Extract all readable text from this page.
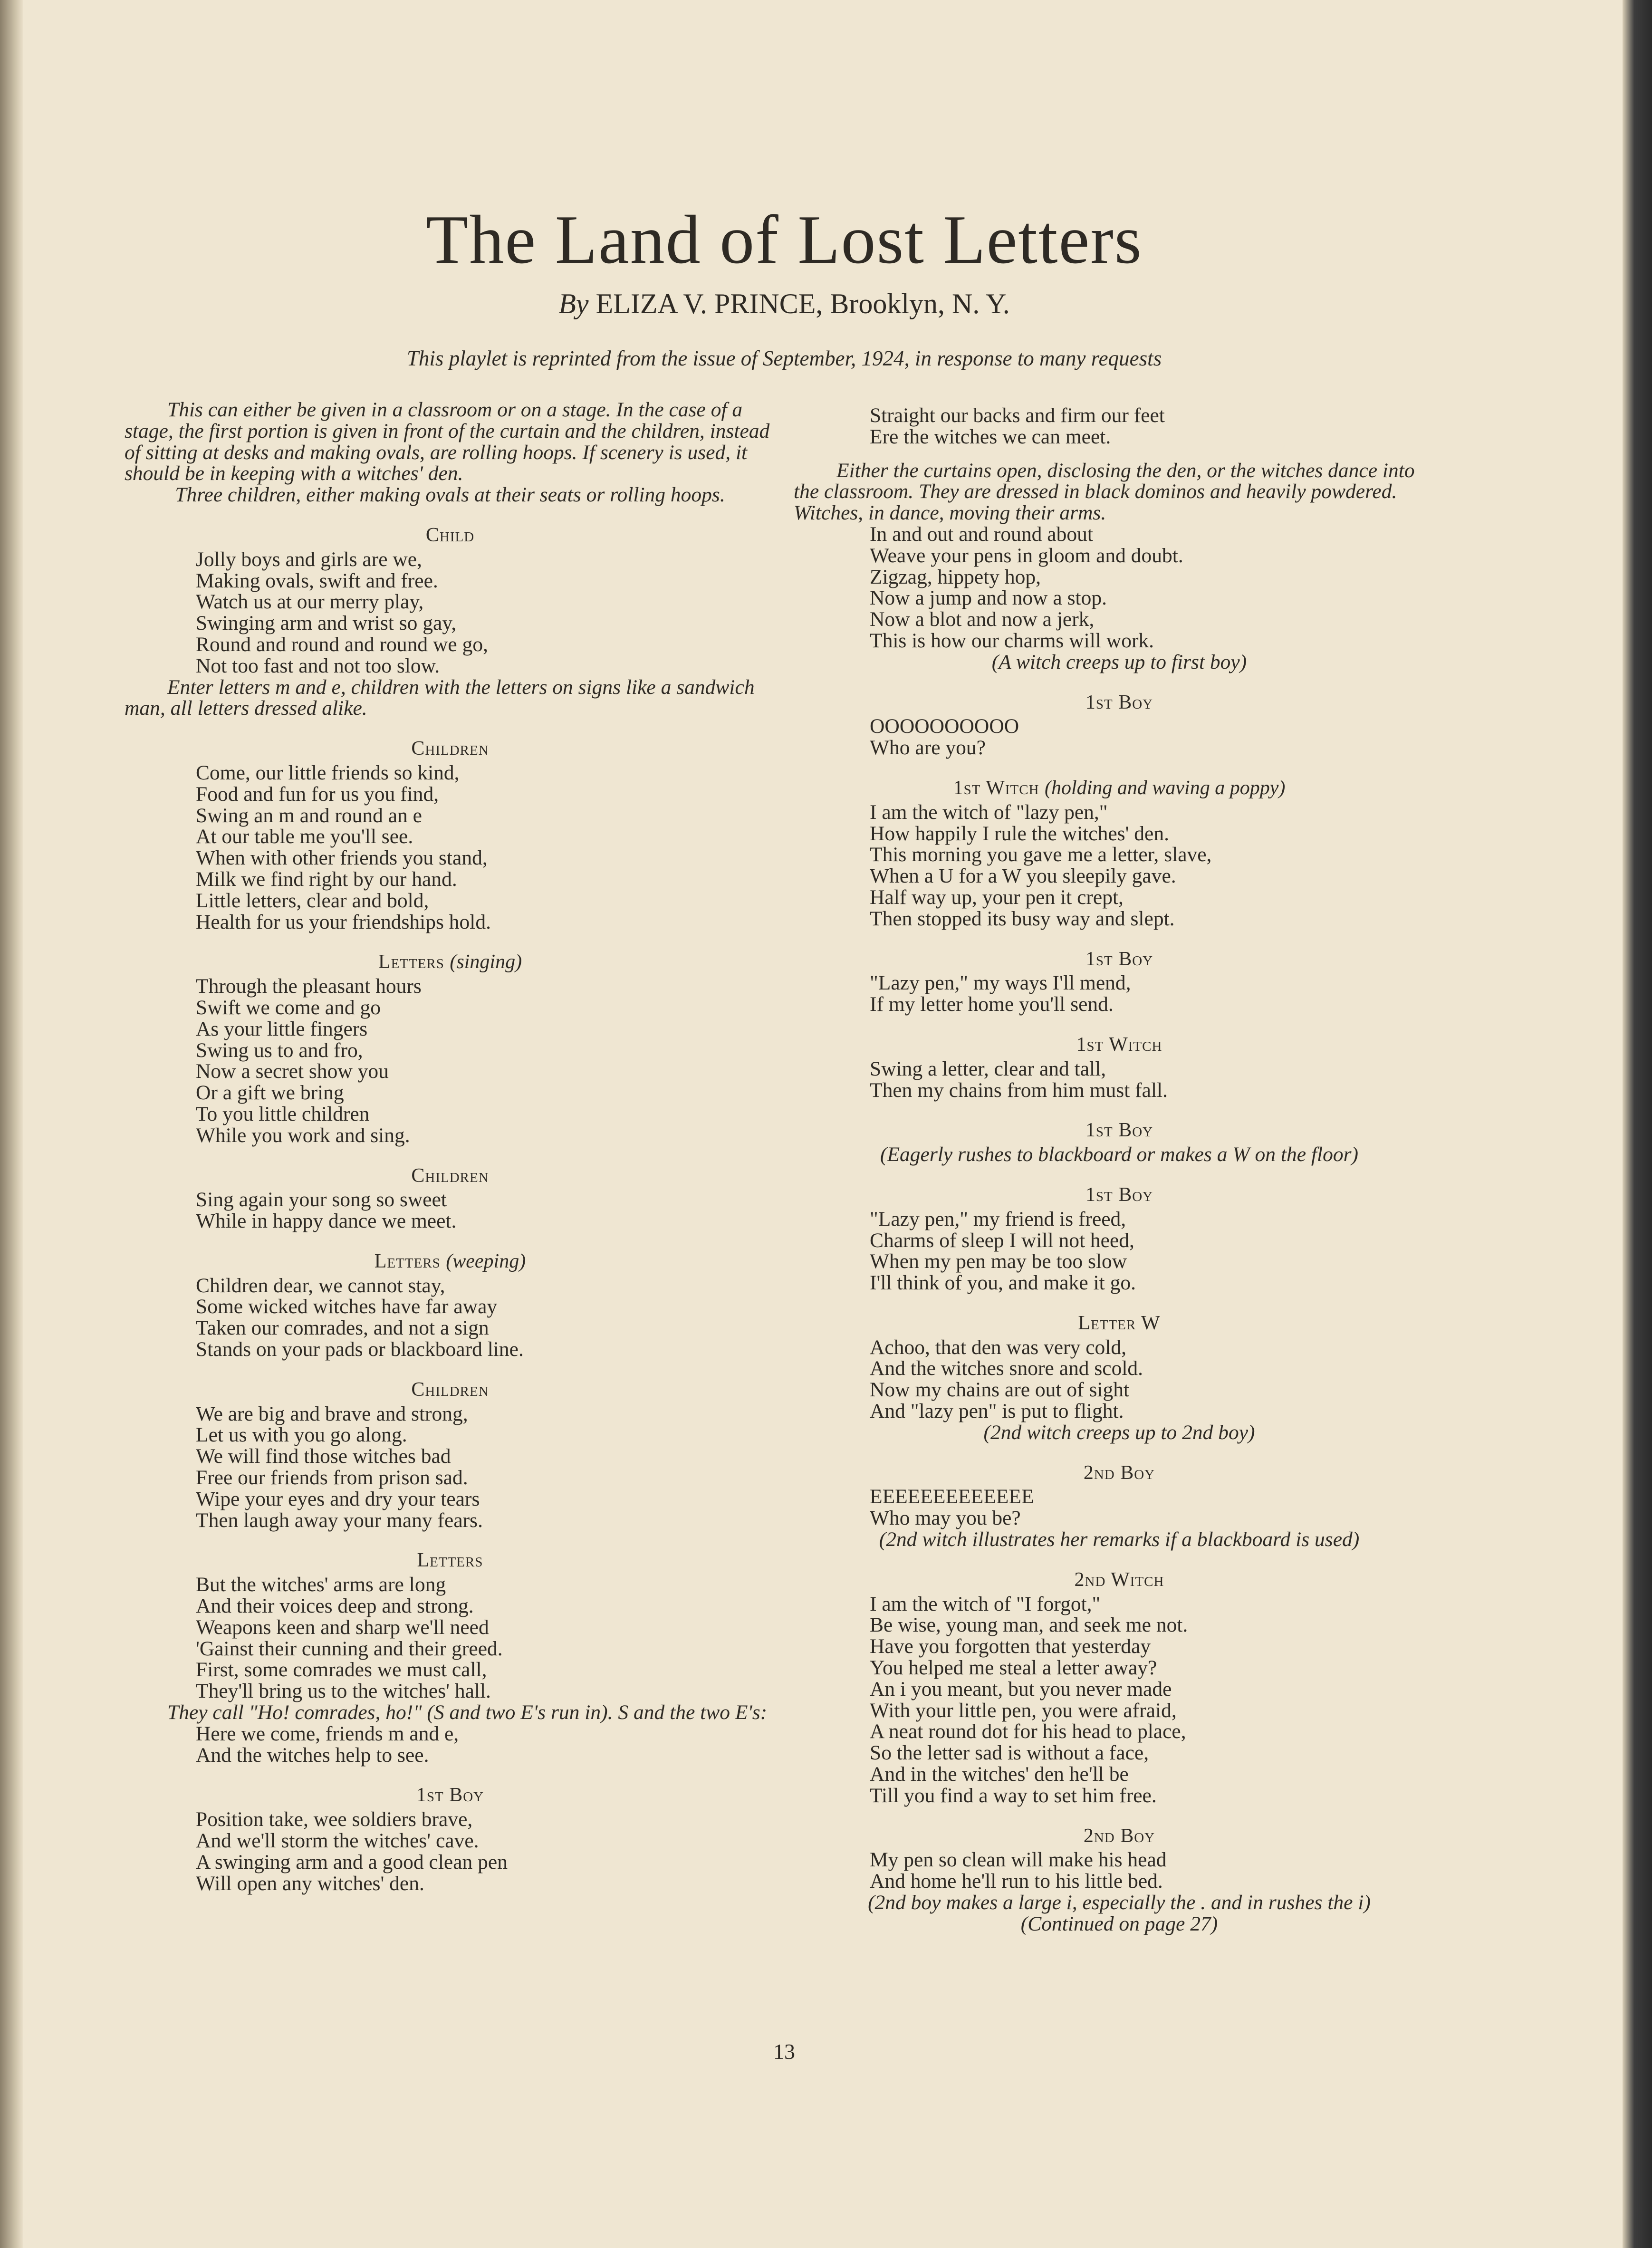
The Land of Lost Letters
By ELIZA V. PRINCE, Brooklyn, N. Y.
This playlet is reprinted from the issue of September, 1924, in response to many requests

This can either be given in a classroom or on a stage. In the case of a stage, the first portion is given in front of the curtain and the children, instead of sitting at desks and making ovals, are rolling hoops. If scenery is used, it should be in keeping with a witches' den.

Three children, either making ovals at their seats or rolling hoops.

Child
Jolly boys and girls are we,
Making ovals, swift and free.
Watch us at our merry play,
Swinging arm and wrist so gay,
Round and round and round we go,
Not too fast and not too slow.

Enter letters m and e, children with the letters on signs like a sandwich man, all letters dressed alike.

Children
Come, our little friends so kind,
Food and fun for us you find,
Swing an m and round an e
At our table me you'll see.
When with other friends you stand,
Milk we find right by our hand.
Little letters, clear and bold,
Health for us your friendships hold.
Letters (singing)
Through the pleasant hours
Swift we come and go
As your little fingers
Swing us to and fro,
Now a secret show you
Or a gift we bring
To you little children
While you work and sing.
Children
Sing again your song so sweet
While in happy dance we meet.
Letters (weeping)
Children dear, we cannot stay,
Some wicked witches have far away
Taken our comrades, and not a sign
Stands on your pads or blackboard line.
Children
We are big and brave and strong,
Let us with you go along.
We will find those witches bad
Free our friends from prison sad.
Wipe your eyes and dry your tears
Then laugh away your many fears.
Letters
But the witches' arms are long
And their voices deep and strong.
Weapons keen and sharp we'll need
'Gainst their cunning and their greed.
First, some comrades we must call,
They'll bring us to the witches' hall.

They call "Ho! comrades, ho!" (S and two E's run in). S and the two E's:

Here we come, friends m and e,
And the witches help to see.
1st Boy
Position take, wee soldiers brave,
And we'll storm the witches' cave.
A swinging arm and a good clean pen
Will open any witches' den.
Straight our backs and firm our feet
Ere the witches we can meet.

Either the curtains open, disclosing the den, or the witches dance into the classroom. They are dressed in black dominos and heavily powdered. Witches, in dance, moving their arms.

In and out and round about
Weave your pens in gloom and doubt.
Zigzag, hippety hop,
Now a jump and now a stop.
Now a blot and now a jerk,
This is how our charms will work.

(A witch creeps up to first boy)

1st Boy
OOOOOOOOOO
Who are you?
1st Witch (holding and waving a poppy)
I am the witch of "lazy pen,"
How happily I rule the witches' den.
This morning you gave me a letter, slave,
When a U for a W you sleepily gave.
Half way up, your pen it crept,
Then stopped its busy way and slept.
1st Boy
"Lazy pen," my ways I'll mend,
If my letter home you'll send.
1st Witch
Swing a letter, clear and tall,
Then my chains from him must fall.
1st Boy

(Eagerly rushes to blackboard or makes a W on the floor)

1st Boy
"Lazy pen," my friend is freed,
Charms of sleep I will not heed,
When my pen may be too slow
I'll think of you, and make it go.
Letter W
Achoo, that den was very cold,
And the witches snore and scold.
Now my chains are out of sight
And "lazy pen" is put to flight.

(2nd witch creeps up to 2nd boy)

2nd Boy
EEEEEEEEEEEEE
Who may you be?

(2nd witch illustrates her remarks if a blackboard is used)

2nd Witch
I am the witch of "I forgot,"
Be wise, young man, and seek me not.
Have you forgotten that yesterday
You helped me steal a letter away?
An i you meant, but you never made
With your little pen, you were afraid,
A neat round dot for his head to place,
So the letter sad is without a face,
And in the witches' den he'll be
Till you find a way to set him free.
2nd Boy
My pen so clean will make his head
And home he'll run to his little bed.

(2nd boy makes a large i, especially the . and in rushes the i)

(Continued on page 27)

13
